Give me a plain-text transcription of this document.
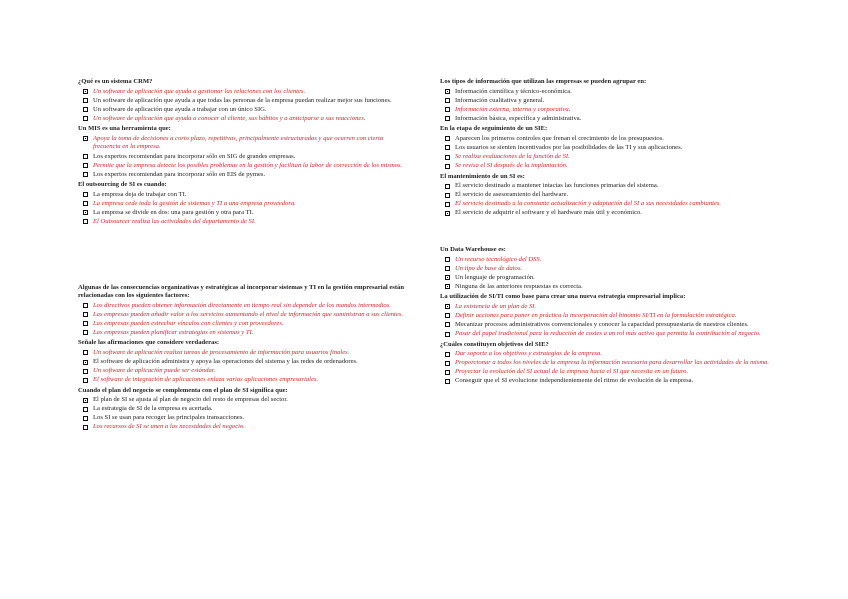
¿Qué es un sistema CRM?
Un software de aplicación que ayuda a gestionar las relaciones con los clientes.
Un software de aplicación que ayuda a que todas las personas de la empresa puedan realizar mejor sus funciones.
Un software de aplicación que ayuda a trabajar con un único SIG.
Un software de aplicación que ayuda a conocer al cliente, sus hábitos y a anticiparse a sus reacciones.
Un MIS es una herramienta que:
Apoya la toma de decisiones a corto plazo, repetitivas, principalmente estructuradas y que ocurren con cierta frecuencia en la empresa.
Los expertos recomiendan para incorporar sólo en SIG de grandes empresas.
Permite que la empresa detecte los posibles problemas en la gestión y facilitan la labor de corrección de los mismos.
Los expertos recomiendan para incorporar sólo en EIS de pymes.
El outsourcing de SI es cuando:
La empresa deja de trabajar con TI.
La empresa cede toda la gestión de sistemas y TI a una empresa proveedora.
La empresa se divide en dos: una para gestión y otra para TI.
El Outsourcer realiza las actividades del departamento de SI.
Algunas de las consecuencias organizativas y estratégicas al incorporar sistemas y TI en la gestión empresarial están relacionadas con los siguientes factores:
Los directivos pueden obtener información directamente en tiempo real sin depender de los mandos intermedios.
Las empresas pueden añadir valor a los servicios aumentando el nivel de información que suministran a sus clientes.
Las empresas pueden estrechar vínculos con clientes y con proveedores.
Las empresas pueden planificar estrategias en sistemas y TI.
Señale las afirmaciones que considere verdaderas:
Un software de aplicación realiza tareas de procesamiento de información para usuarios finales.
El software de aplicación administra y apoya las operaciones del sistema y las redes de ordenadores.
Un software de aplicación puede ser estándar.
El software de integración de aplicaciones enlaza varias aplicaciones empresariales.
Cuando el plan del negocio se complementa con el plan de SI significa que:
El plan de SI se ajusta al plan de negocio del resto de empresas del sector.
La estrategia de SI de la empresa es acertada.
Los SI se usan para recoger las principales transacciones.
Los recursos de SI se unen a las necesidades del negocio.
Los tipos de información que utilizan las empresas se pueden agrupar en:
Información científica y técnico-económica.
Información cualitativa y general.
Información externa, interna y corporativa.
Información básica, específica y administrativa.
En la etapa de seguimiento de un SIE:
Aparecen los primeros controles que frenan el crecimiento de los presupuestos.
Los usuarios se sienten incentivados por las posibilidades de las TI y sus aplicaciones.
Se realiza evaluaciones de la función de SI.
Se revisa el SI después de la implantación.
El mantenimiento de un SI es:
El servicio destinado a mantener intactas las funciones primarias del sistema.
El servicio de asesoramiento del hardware.
El servicio destinado a la constante actualización y adaptación del SI a sus necesidades cambiantes.
El servicio de adquirir el software y el hardware más útil y económico.
Un Data Warehouse es:
Un recurso tecnológico del DSS.
Un tipo de base de datos.
Un lenguaje de programación.
Ninguna de las anteriores respuestas es correcta.
La utilización de SI/TI como base para crear una nueva estrategia empresarial implica:
La existencia de un plan de SI.
Definir acciones para poner en práctica la incorporación del binomio SI/TI en la formulación estratégica.
Mecanizar procesos administrativos convencionales y conocer la capacidad presupuestaria de nuestros clientes.
Pasar del papel tradicional para la reducción de costes a un rol más activo que permita la contribución al negocio.
¿Cuáles constituyen objetivos del SIE?
Dar soporte a los objetivos y estrategias de la empresa.
Proporcionar a todos los niveles de la empresa la información necesaria para desarrollar las actividades de la misma.
Proyectar la evolución del SI actual de la empresa hacia el SI que necesita en un futuro.
Conseguir que el SI evolucione independientemente del ritmo de evolución de la empresa.
